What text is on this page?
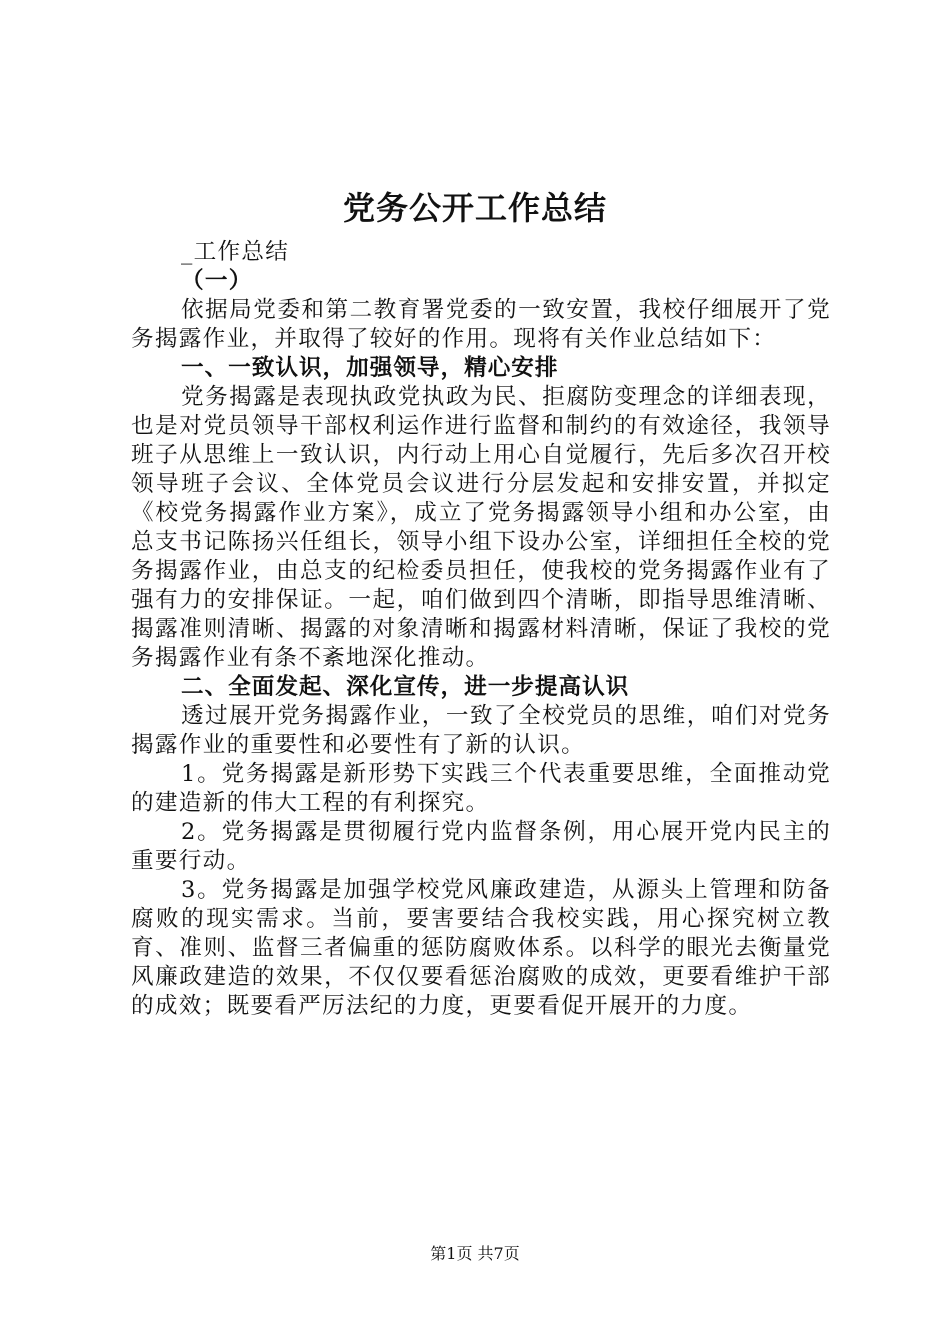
党务公开工作总结

_工作总结

（一）

依据局党委和第二教育署党委的一致安置，我校仔细展开了党务揭露作业，并取得了较好的作用。现将有关作业总结如下：

一、一致认识，加强领导，精心安排

党务揭露是表现执政党执政为民、拒腐防变理念的详细表现，也是对党员领导干部权利运作进行监督和制约的有效途径，我领导班子从思维上一致认识，内行动上用心自觉履行，先后多次召开校领导班子会议、全体党员会议进行分层发起和安排安置，并拟定《校党务揭露作业方案》，成立了党务揭露领导小组和办公室，由总支书记陈扬兴任组长，领导小组下设办公室，详细担任全校的党务揭露作业，由总支的纪检委员担任，使我校的党务揭露作业有了强有力的安排保证。一起，咱们做到四个清晰，即指导思维清晰、揭露准则清晰、揭露的对象清晰和揭露材料清晰，保证了我校的党务揭露作业有条不紊地深化推动。

二、全面发起、深化宣传，进一步提高认识

透过展开党务揭露作业，一致了全校党员的思维，咱们对党务揭露作业的重要性和必要性有了新的认识。

1。党务揭露是新形势下实践三个代表重要思维，全面推动党的建造新的伟大工程的有利探究。

2。党务揭露是贯彻履行党内监督条例，用心展开党内民主的重要行动。

3。党务揭露是加强学校党风廉政建造，从源头上管理和防备腐败的现实需求。当前，要害要结合我校实践，用心探究树立教育、准则、监督三者偏重的惩防腐败体系。以科学的眼光去衡量党风廉政建造的效果，不仅仅要看惩治腐败的成效，更要看维护干部的成效；既要看严厉法纪的力度，更要看促开展开的力度。

第1页 共7页
